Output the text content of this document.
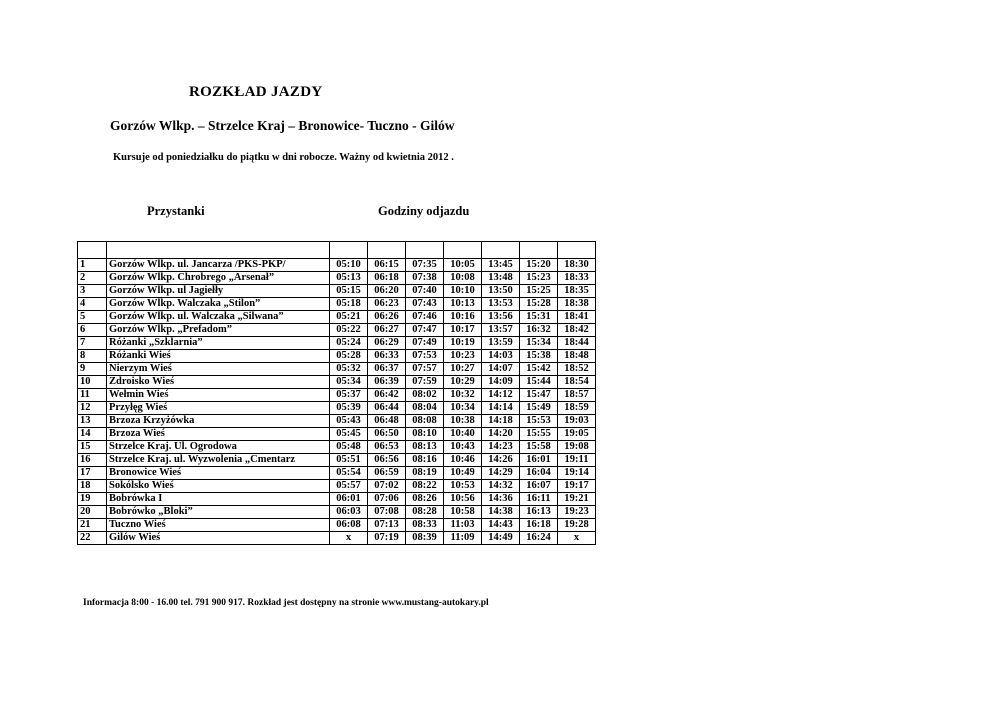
ROZKŁAD JAZDY
Gorzów Wlkp. – Strzelce Kraj – Bronowice- Tuczno - Gilów
Kursuje od poniedziałku do piątku w dni robocze. Ważny od kwietnia 2012 .
Przystanki	Godziny odjazdu

1	Gorzów Wlkp. ul. Jancarza /PKS-PKP/	05:10	06:15	07:35	10:05	13:45	15:20	18:30
2	Gorzów Wlkp. Chrobrego „Arsenał”	05:13	06:18	07:38	10:08	13:48	15:23	18:33
3	Gorzów Wlkp. ul Jagiełły	05:15	06:20	07:40	10:10	13:50	15:25	18:35
4	Gorzów Wlkp. Walczaka „Stilon”	05:18	06:23	07:43	10:13	13:53	15:28	18:38
5	Gorzów Wlkp. ul. Walczaka „Silwana”	05:21	06:26	07:46	10:16	13:56	15:31	18:41
6	Gorzów Wlkp. „Prefadom”	05:22	06:27	07:47	10:17	13:57	16:32	18:42
7	Różanki „Szklarnia”	05:24	06:29	07:49	10:19	13:59	15:34	18:44
8	Różanki Wieś	05:28	06:33	07:53	10:23	14:03	15:38	18:48
9	Nierzym Wieś	05:32	06:37	07:57	10:27	14:07	15:42	18:52
10	Zdroisko Wieś	05:34	06:39	07:59	10:29	14:09	15:44	18:54
11	Wełmin Wieś	05:37	06:42	08:02	10:32	14:12	15:47	18:57
12	Przyłęg Wieś	05:39	06:44	08:04	10:34	14:14	15:49	18:59
13	Brzoza Krzyżówka	05:43	06:48	08:08	10:38	14:18	15:53	19:03
14	Brzoza Wieś	05:45	06:50	08:10	10:40	14:20	15:55	19:05
15	Strzelce Kraj. Ul. Ogrodowa	05:48	06:53	08:13	10:43	14:23	15:58	19:08
16	Strzelce Kraj. ul. Wyzwolenia „Cmentarz	05:51	06:56	08:16	10:46	14:26	16:01	19:11
17	Bronowice Wieś	05:54	06:59	08:19	10:49	14:29	16:04	19:14
18	Sokólsko Wieś	05:57	07:02	08:22	10:53	14:32	16:07	19:17
19	Bobrówka I	06:01	07:06	08:26	10:56	14:36	16:11	19:21
20	Bobrówko „Bloki”	06:03	07:08	08:28	10:58	14:38	16:13	19:23
21	Tuczno Wieś	06:08	07:13	08:33	11:03	14:43	16:18	19:28
22	Gilów Wieś	x	07:19	08:39	11:09	14:49	16:24	x
Informacja 8:00 - 16.00 tel. 791 900 917. Rozkład jest dostępny na stronie www.mustang-autokary.pl
